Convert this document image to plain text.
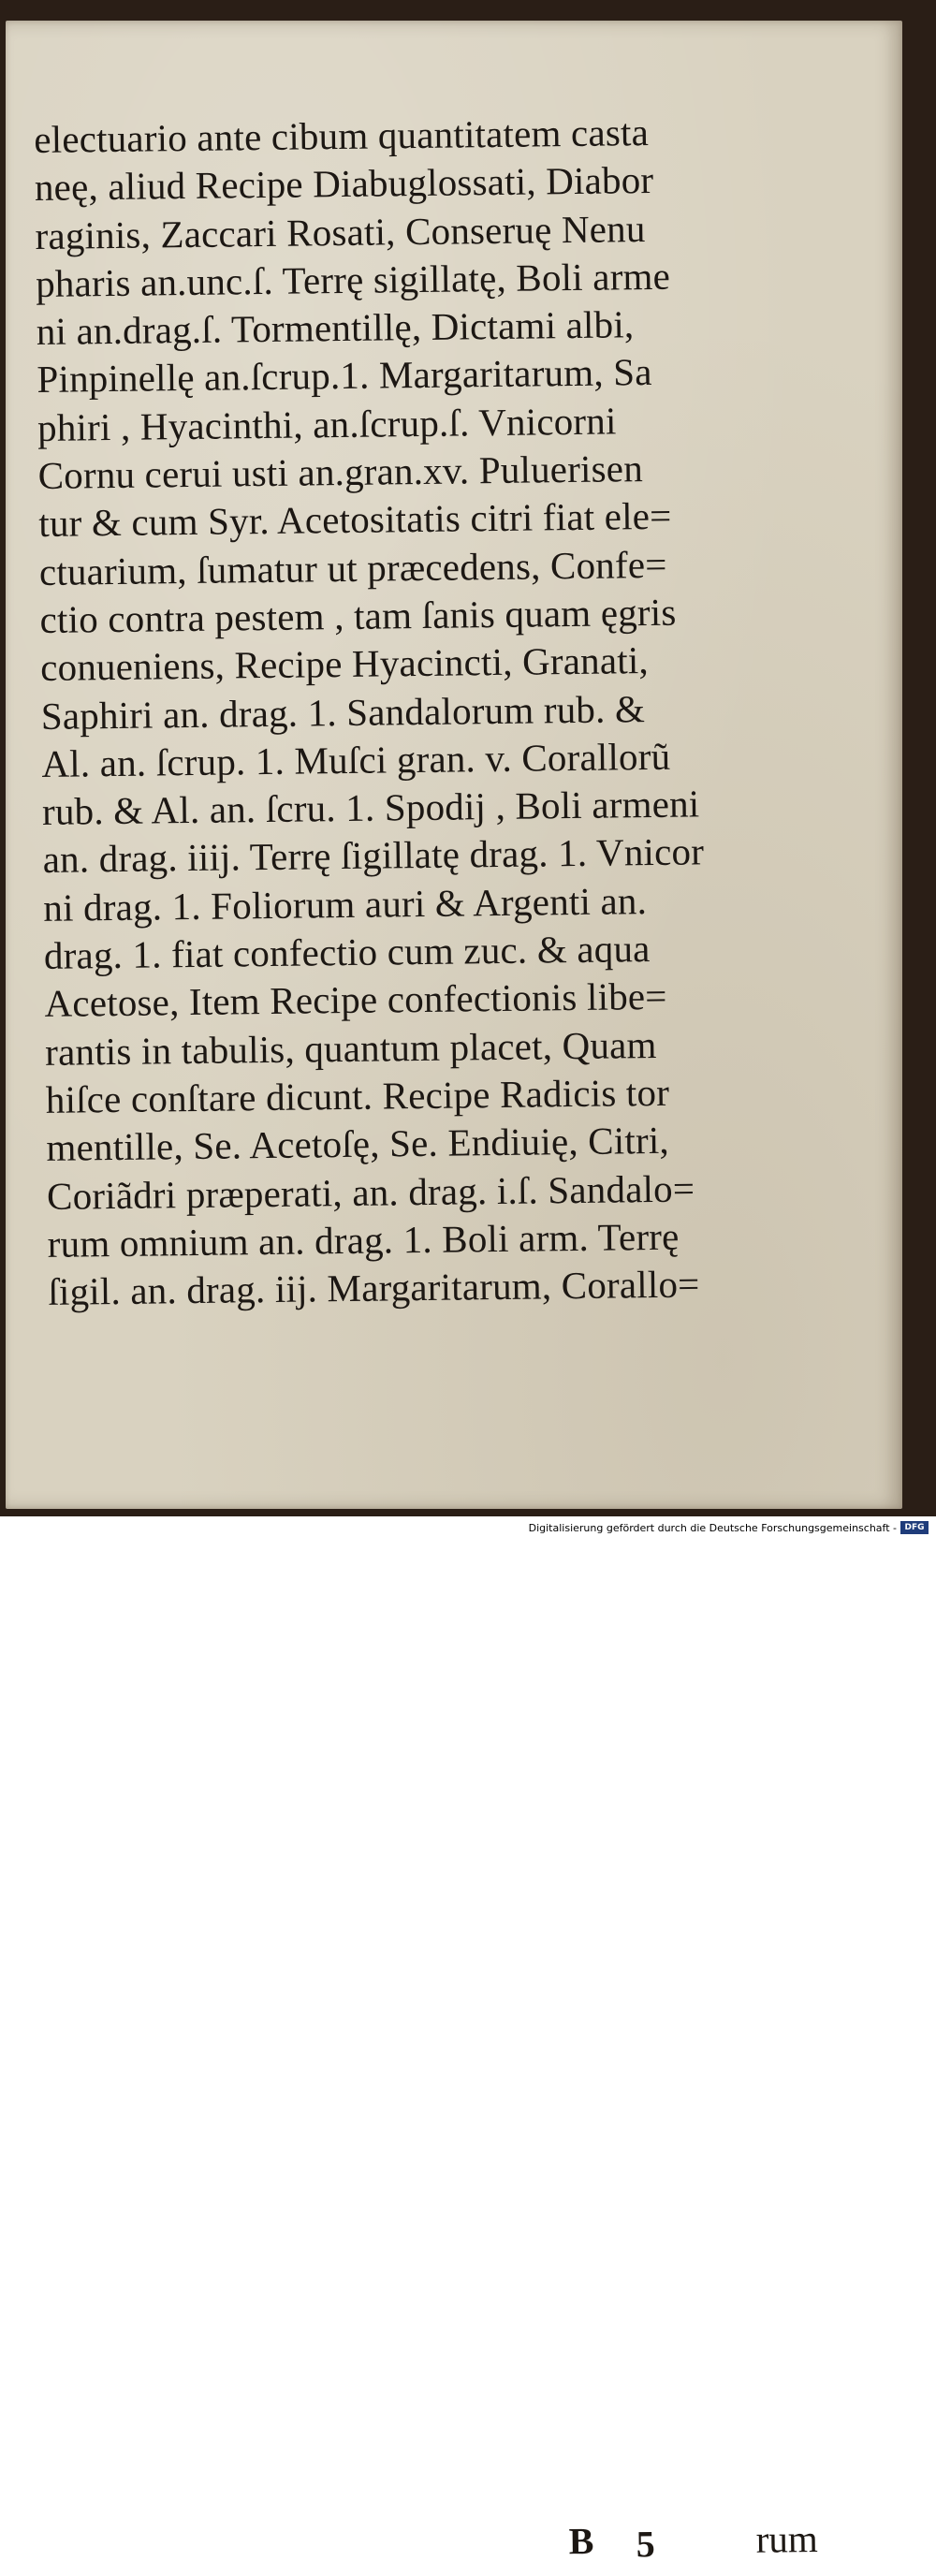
electuario ante cibum quantitatem casta
neę, aliud Recipe Diabuglossati, Diabor
raginis, Zaccari Rosati, Conseruę Nenu
pharis an.unc.ſ. Terrę sigillatę, Boli arme
ni an.drag.ſ. Tormentillę, Dictami albi,
Pinpinellę an.ſcrup.1. Margaritarum, Sa
phiri , Hyacinthi, an.ſcrup.ſ. Vnicorni
Cornu cerui usti an.gran.xv. Puluerisen
tur & cum Syr. Acetositatis citri fiat ele=
ctuarium, ſumatur ut præcedens, Confe=
ctio contra pestem , tam ſanis quam ęgris
conueniens, Recipe Hyacincti, Granati,
Saphiri an. drag. 1. Sandalorum rub. &
Al. an. ſcrup. 1. Muſci gran. v. Corallorũ
rub. & Al. an. ſcru. 1. Spodij , Boli armeni
an. drag. iiij. Terrę ſigillatę drag. 1. Vnicor
ni drag. 1. Foliorum auri & Argenti an.
drag. 1. fiat confectio cum zuc. & aqua
Acetose, Item Recipe confectionis libe=
rantis in tabulis, quantum placet, Quam
hiſce conſtare dicunt. Recipe Radicis tor
mentille, Se. Acetoſę, Se. Endiuię, Citri,
Coriãdri præperati, an. drag. i.ſ. Sandalo=
rum omnium an. drag. 1. Boli arm. Terrę
ſigil. an. drag. iij. Margaritarum, Corallo=
B 5	rum
Digitalisierung gefördert durch die Deutsche Forschungsgemeinschaft - DFG
